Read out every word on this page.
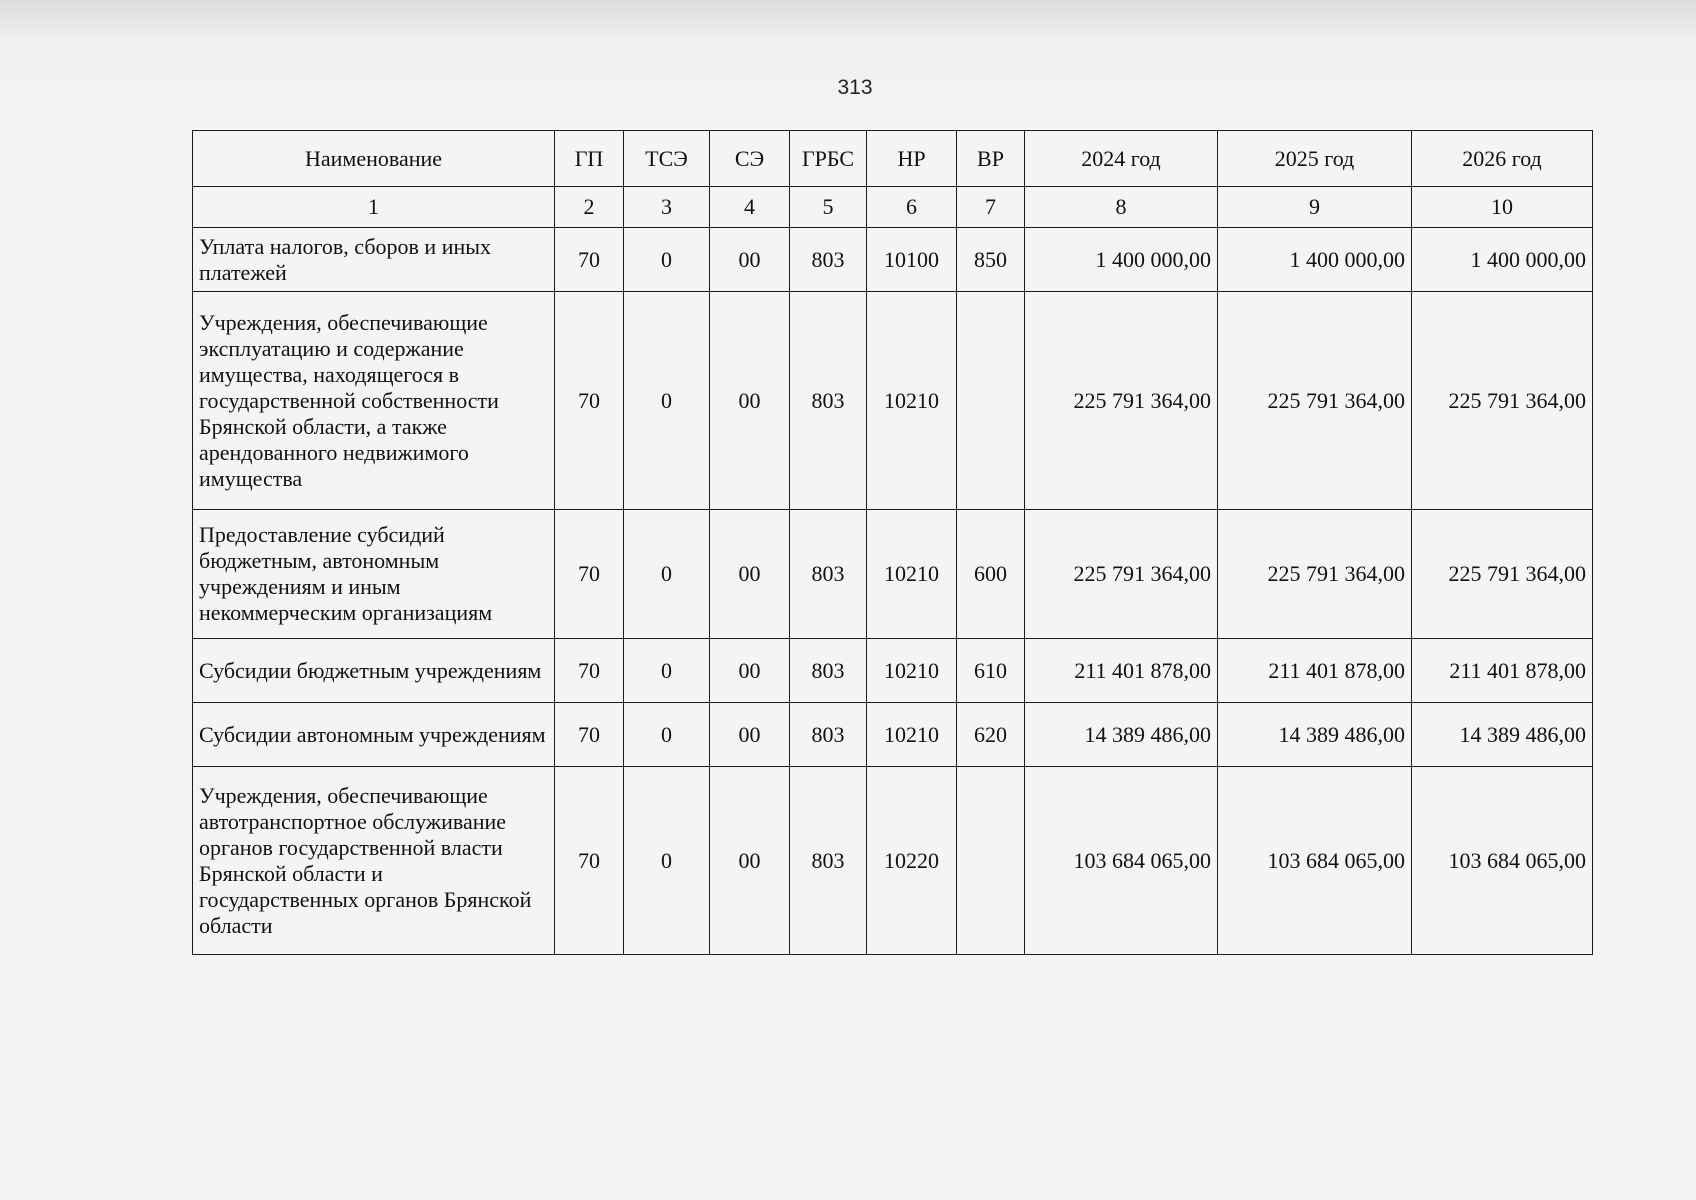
313
Наименование	ГП	ТСЭ	СЭ	ГРБС	НР	ВР	2024 год	2025 год	2026 год
1	2	3	4	5	6	7	8	9	10
Уплата налогов, сборов и иных платежей	70	0	00	803	10100	850	1 400 000,00	1 400 000,00	1 400 000,00
Учреждения, обеспечивающие эксплуатацию и содержание имущества, находящегося в государственной собственности Брянской области, а также арендованного недвижимого имущества	70	0	00	803	10210		225 791 364,00	225 791 364,00	225 791 364,00
Предоставление субсидий бюджетным, автономным учреждениям и иным некоммерческим организациям	70	0	00	803	10210	600	225 791 364,00	225 791 364,00	225 791 364,00
Субсидии бюджетным учреждениям	70	0	00	803	10210	610	211 401 878,00	211 401 878,00	211 401 878,00
Субсидии автономным учреждениям	70	0	00	803	10210	620	14 389 486,00	14 389 486,00	14 389 486,00
Учреждения, обеспечивающие автотранспортное обслуживание органов государственной власти Брянской области и государственных органов Брянской области	70	0	00	803	10220		103 684 065,00	103 684 065,00	103 684 065,00
